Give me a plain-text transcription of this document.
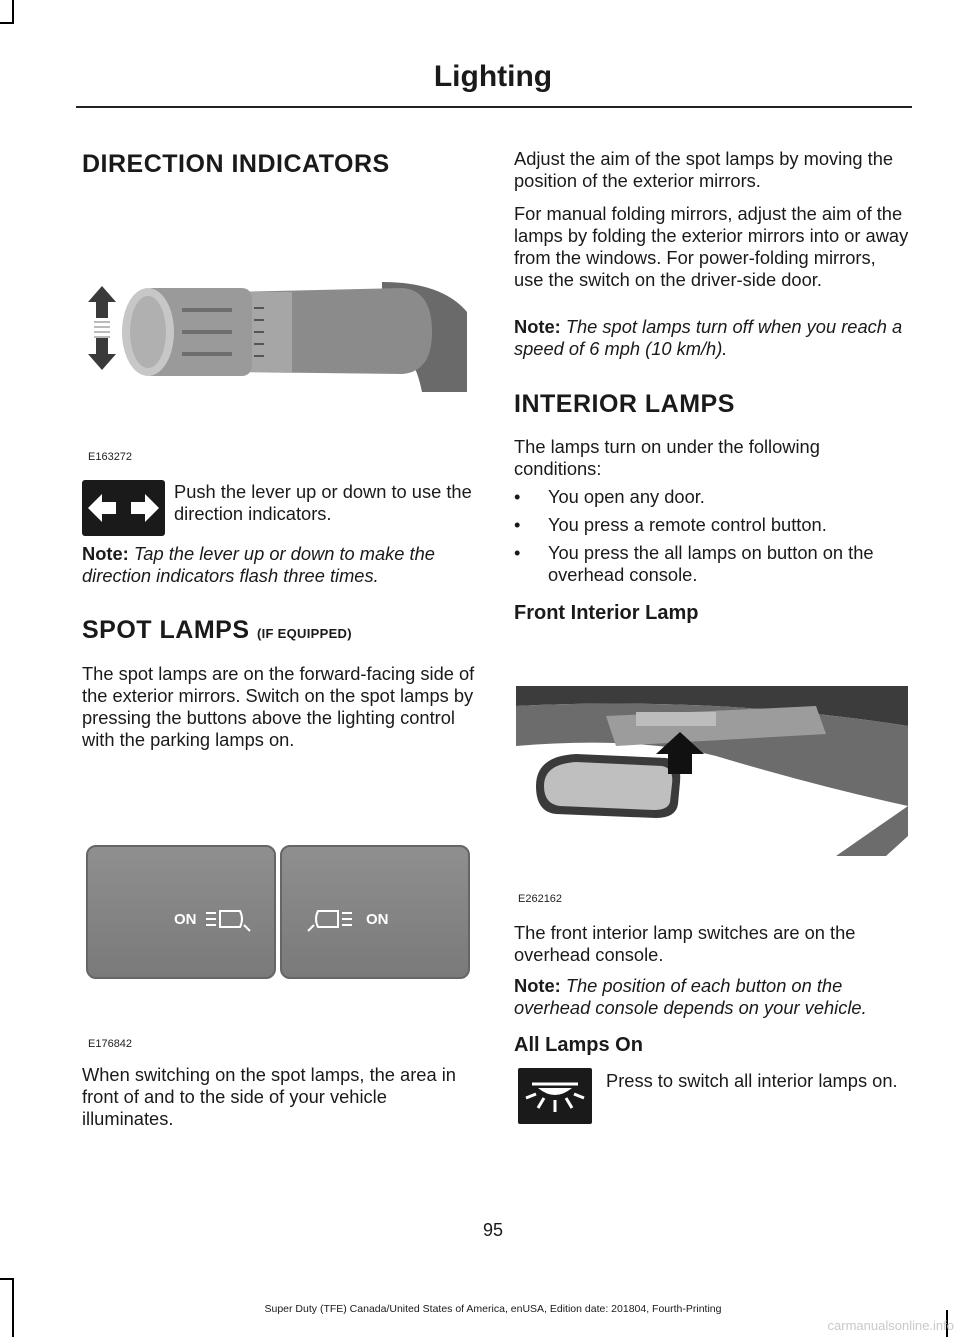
Lighting
DIRECTION INDICATORS
E163272

Push the lever up or down to use the direction indicators.

Note: Tap the lever up or down to make the direction indicators flash three times.

SPOT LAMPS (IF EQUIPPED)

The spot lamps are on the forward-facing side of the exterior mirrors. Switch on the spot lamps by pressing the buttons above the lighting control with the parking lamps on.

ON	ON
E176842

When switching on the spot lamps, the area in front of and to the side of your vehicle illuminates.

Adjust the aim of the spot lamps by moving the position of the exterior mirrors.

For manual folding mirrors, adjust the aim of the lamps by folding the exterior mirrors into or away from the windows. For power-folding mirrors, use the switch on the driver-side door.

Note: The spot lamps turn off when you reach a speed of 6 mph (10 km/h).

INTERIOR LAMPS

The lamps turn on under the following conditions:

• You open any door.
• You press a remote control button.
• You press the all lamps on button on the overhead console.
Front Interior Lamp
E262162

The front interior lamp switches are on the overhead console.

Note: The position of each button on the overhead console depends on your vehicle.

All Lamps On

Press to switch all interior lamps on.

95
Super Duty (TFE) Canada/United States of America, enUSA, Edition date: 201804, Fourth-Printing
carmanualsonline.info
